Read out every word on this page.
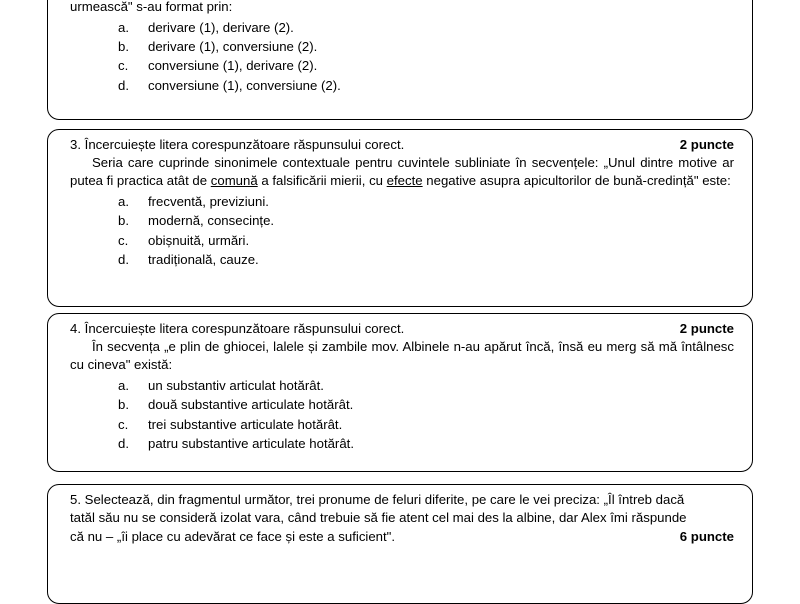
urmească" s-au format prin:
a.	derivare (1), derivare (2).
b.	derivare (1), conversiune (2).
c.	conversiune (1), derivare (2).
d.	conversiune (1), conversiune (2).
3. Încercuiește litera corespunzătoare răspunsului corect.	2 puncte
Seria care cuprinde sinonimele contextuale pentru cuvintele subliniate în secvențele: „Unul dintre motive ar putea fi practica atât de comună a falsificării mierii, cu efecte negative asupra apicultorilor de bună-credință" este:
a.	frecventă, previziuni.
b.	modernă, consecințe.
c.	obișnuită, urmări.
d.	tradițională, cauze.
4. Încercuiește litera corespunzătoare răspunsului corect.	2 puncte
În secvența „e plin de ghiocei, lalele și zambile mov. Albinele n-au apărut încă, însă eu merg să mă întâlnesc cu cineva" există:
a.	un substantiv articulat hotărât.
b.	două substantive articulate hotărât.
c.	trei substantive articulate hotărât.
d.	patru substantive articulate hotărât.
5. Selectează, din fragmentul următor, trei pronume de feluri diferite, pe care le vei preciza: „Îl întreb dacă
tatăl său nu se consideră izolat vara, când trebuie să fie atent cel mai des la albine, dar Alex îmi răspunde
că nu – „îi place cu adevărat ce face și este a suficient".	6 puncte
